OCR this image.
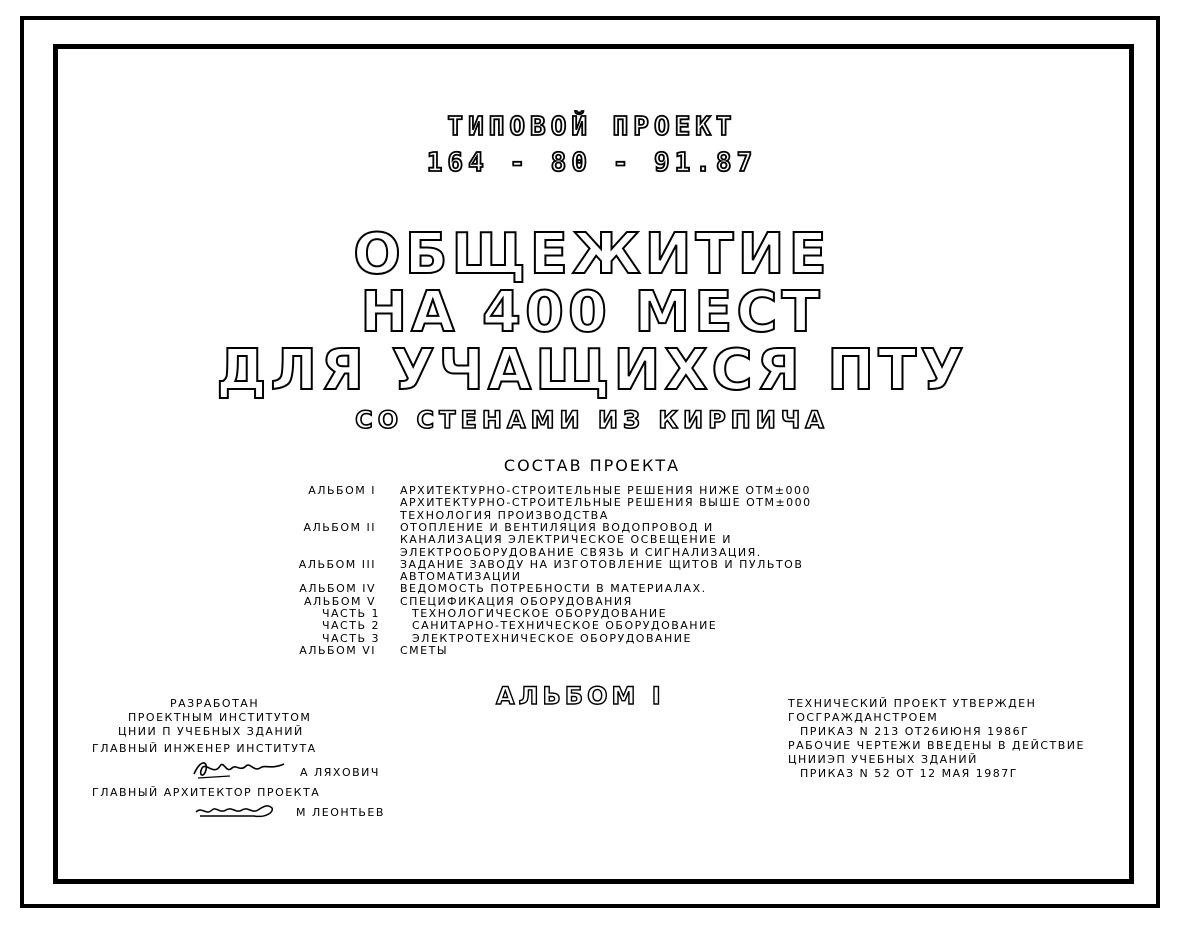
ТИПОВОЙ ПРОЕКТ
164 - 80 - 91.87
ОБЩЕЖИТИЕ
НА 400 МЕСТ
ДЛЯ УЧАЩИХСЯ ПТУ
СО СТЕНАМИ ИЗ КИРПИЧА
СОСТАВ ПРОЕКТА
АЛЬБОМ I АРХИТЕКТУРНО-СТРОИТЕЛЬНЫЕ РЕШЕНИЯ НИЖЕ ОТМ±000
АРХИТЕКТУРНО-СТРОИТЕЛЬНЫЕ РЕШЕНИЯ ВЫШЕ ОТМ±000
ТЕХНОЛОГИЯ ПРОИЗВОДСТВА
АЛЬБОМ II ОТОПЛЕНИЕ И ВЕНТИЛЯЦИЯ ВОДОПРОВОД И
КАНАЛИЗАЦИЯ ЭЛЕКТРИЧЕСКОЕ ОСВЕЩЕНИЕ И
ЭЛЕКТРООБОРУДОВАНИЕ СВЯЗЬ И СИГНАЛИЗАЦИЯ.
АЛЬБОМ III ЗАДАНИЕ ЗАВОДУ НА ИЗГОТОВЛЕНИЕ ЩИТОВ И ПУЛЬТОВ
АВТОМАТИЗАЦИИ
АЛЬБОМ IV ВЕДОМОСТЬ ПОТРЕБНОСТИ В МАТЕРИАЛАХ.
АЛЬБОМ V СПЕЦИФИКАЦИЯ ОБОРУДОВАНИЯ
ЧАСТЬ 1	ТЕХНОЛОГИЧЕСКОЕ ОБОРУДОВАНИЕ
ЧАСТЬ 2	САНИТАРНО-ТЕХНИЧЕСКОЕ ОБОРУДОВАНИЕ
ЧАСТЬ 3	ЭЛЕКТРОТЕХНИЧЕСКОЕ ОБОРУДОВАНИЕ
АЛЬБОМ VI СМЕТЫ
АЛЬБОМ I
РАЗРАБОТАН
ПРОЕКТНЫМ ИНСТИТУТОМ
ЦНИИ П УЧЕБНЫХ ЗДАНИЙ
ГЛАВНЫЙ ИНЖЕНЕР ИНСТИТУТА
А ЛЯХОВИЧ
ГЛАВНЫЙ АРХИТЕКТОР ПРОЕКТА
М ЛЕОНТЬЕВ
ТЕХНИЧЕСКИЙ ПРОЕКТ УТВЕРЖДЕН
ГОСГРАЖДАНСТРОЕМ
ПРИКАЗ N 213 ОТ26ИЮНЯ 1986Г
РАБОЧИЕ ЧЕРТЕЖИ ВВЕДЕНЫ В ДЕЙСТВИЕ
ЦНИИЭП УЧЕБНЫХ ЗДАНИЙ
ПРИКАЗ N 52 ОТ 12 МАЯ 1987Г
